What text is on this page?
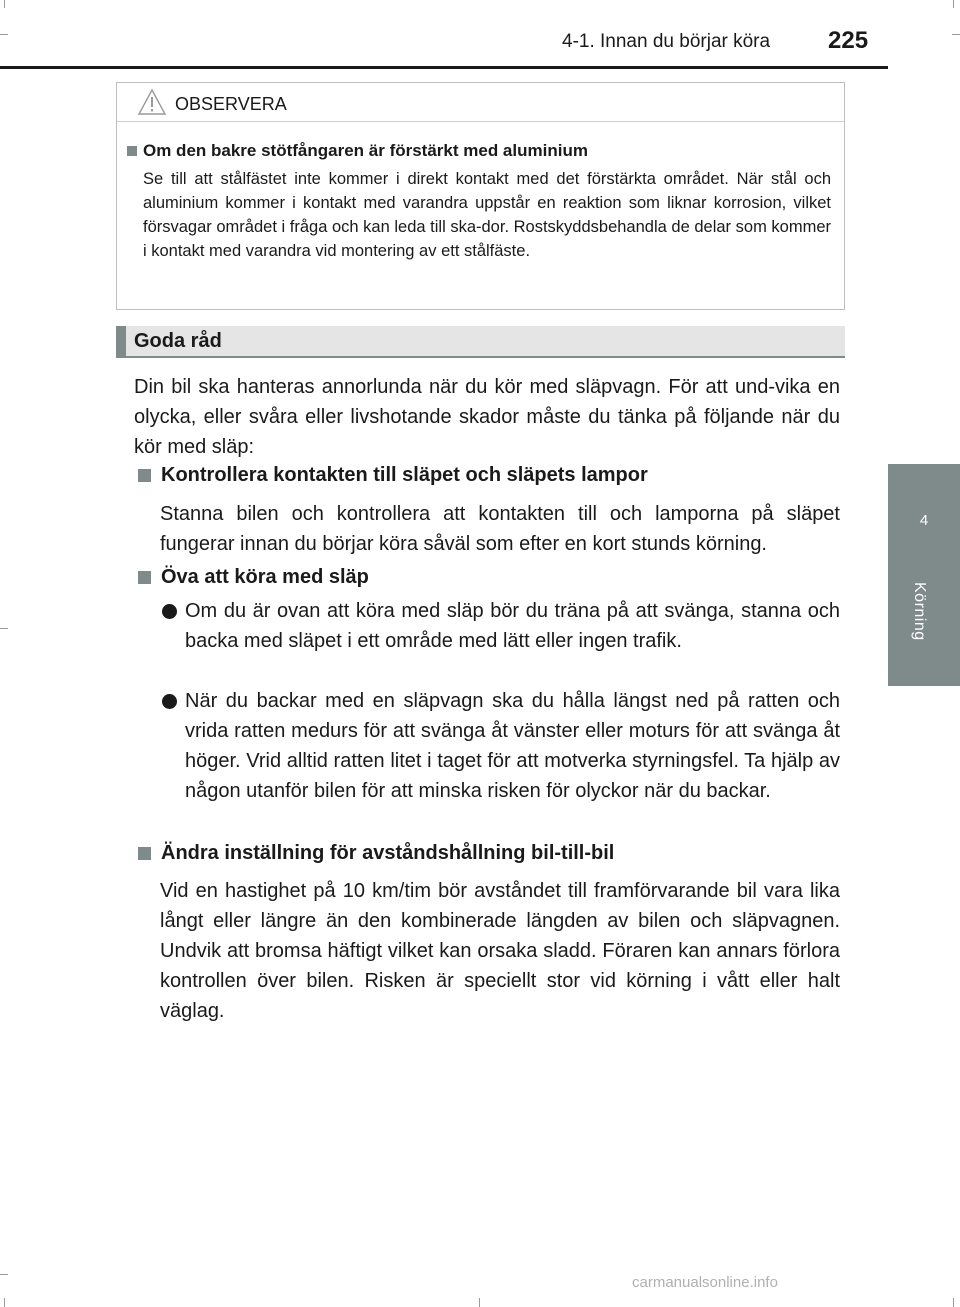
4-1. Innan du börjar köra 225
4
Körning
OBSERVERA
Om den bakre stötfångaren är förstärkt med aluminium
Se till att stålfästet inte kommer i direkt kontakt med det förstärkta området. När stål och aluminium kommer i kontakt med varandra uppstår en reaktion som liknar korrosion, vilket försvagar området i fråga och kan leda till ska-dor. Rostskyddsbehandla de delar som kommer i kontakt med varandra vid montering av ett stålfäste.
Goda råd
Din bil ska hanteras annorlunda när du kör med släpvagn. För att und-vika en olycka, eller svåra eller livshotande skador måste du tänka på följande när du kör med släp:
Kontrollera kontakten till släpet och släpets lampor
Stanna bilen och kontrollera att kontakten till och lamporna på släpet fungerar innan du börjar köra såväl som efter en kort stunds körning.
Öva att köra med släp
Om du är ovan att köra med släp bör du träna på att svänga, stanna och backa med släpet i ett område med lätt eller ingen trafik.
När du backar med en släpvagn ska du hålla längst ned på ratten och vrida ratten medurs för att svänga åt vänster eller moturs för att svänga åt höger. Vrid alltid ratten litet i taget för att motverka styrningsfel. Ta hjälp av någon utanför bilen för att minska risken för olyckor när du backar.
Ändra inställning för avståndshållning bil-till-bil
Vid en hastighet på 10 km/tim bör avståndet till framförvarande bil vara lika långt eller längre än den kombinerade längden av bilen och släpvagnen. Undvik att bromsa häftigt vilket kan orsaka sladd. Föraren kan annars förlora kontrollen över bilen. Risken är speciellt stor vid körning i vått eller halt väglag.
carmanualsonline.info
